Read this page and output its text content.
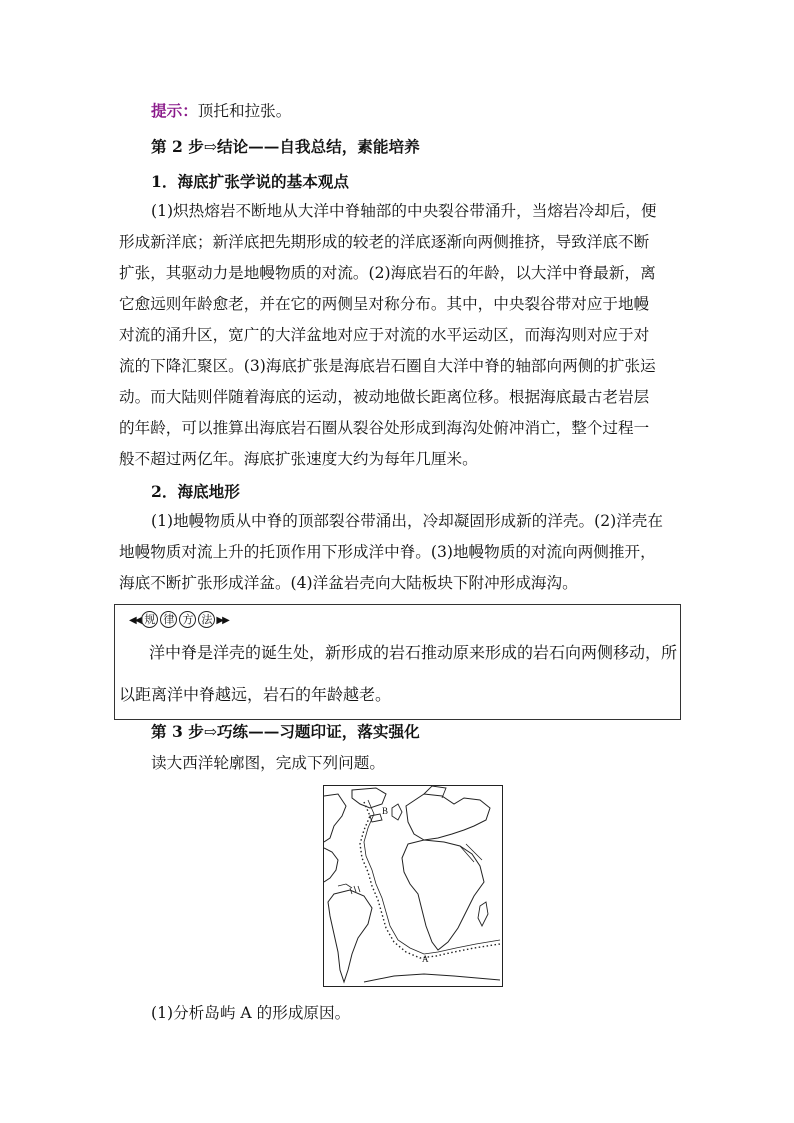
提示：顶托和拉张。
第 2 步⇨结论——自我总结，素能培养
1．海底扩张学说的基本观点
(1)炽热熔岩不断地从大洋中脊轴部的中央裂谷带涌升，当熔岩冷却后，便
形成新洋底；新洋底把先期形成的较老的洋底逐渐向两侧推挤，导致洋底不断
扩张，其驱动力是地幔物质的对流。(2)海底岩石的年龄，以大洋中脊最新，离
它愈远则年龄愈老，并在它的两侧呈对称分布。其中，中央裂谷带对应于地幔
对流的涌升区，宽广的大洋盆地对应于对流的水平运动区，而海沟则对应于对
流的下降汇聚区。(3)海底扩张是海底岩石圈自大洋中脊的轴部向两侧的扩张运
动。而大陆则伴随着海底的运动，被动地做长距离位移。根据海底最古老岩层
的年龄，可以推算出海底岩石圈从裂谷处形成到海沟处俯冲消亡，整个过程一
般不超过两亿年。海底扩张速度大约为每年几厘米。
2．海底地形
(1)地幔物质从中脊的顶部裂谷带涌出，冷却凝固形成新的洋壳。(2)洋壳在
地幔物质对流上升的托顶作用下形成洋中脊。(3)地幔物质的对流向两侧推开，
海底不断扩张形成洋盆。(4)洋盆岩壳向大陆板块下附冲形成海沟。
◀◀ 规 律 方 法 ▶▶
洋中脊是洋壳的诞生处，新形成的岩石推动原来形成的岩石向两侧移动，所
以距离洋中脊越远，岩石的年龄越老。
第 3 步⇨巧练——习题印证，落实强化
读大西洋轮廓图，完成下列问题。
B
A
(1)分析岛屿 A 的形成原因。
